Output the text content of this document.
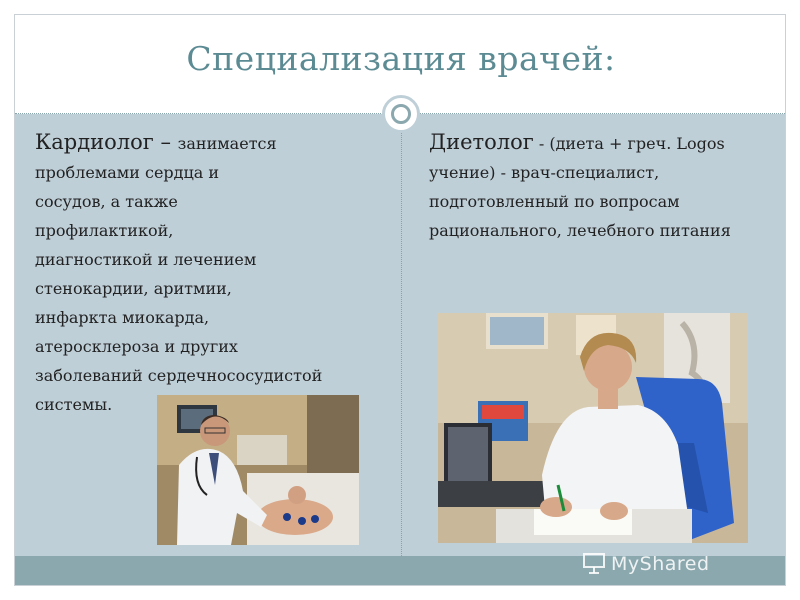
Специализация врачей:
Кардиолог – занимается
проблемами сердца и
сосудов, а также
профилактикой,
диагностикой и лечением
стенокардии, аритмии,
инфаркта миокарда,
атеросклероза и других
заболеваний сердечнососудистой
системы.
Диетолог - (диета + греч. Logos
учение) - врач-специалист,
подготовленный по вопросам
рационального, лечебного питания
MyShared
